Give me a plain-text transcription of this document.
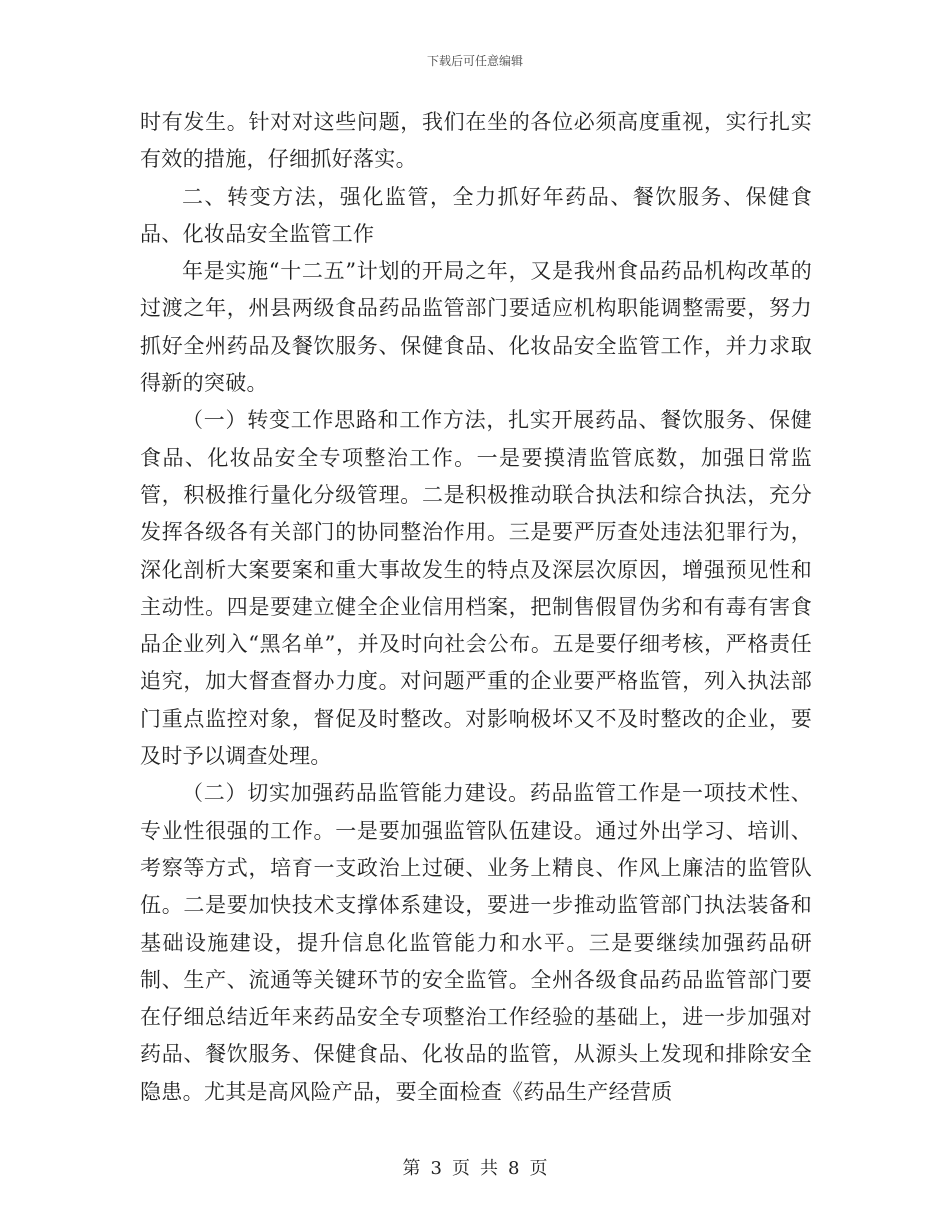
下载后可任意编辑

时有发生。针对对这些问题，我们在坐的各位必须高度重视，实行扎实有效的措施，仔细抓好落实。

二、转变方法，强化监管，全力抓好年药品、餐饮服务、保健食品、化妆品安全监管工作

年是实施“十二五”计划的开局之年，又是我州食品药品机构改革的过渡之年，州县两级食品药品监管部门要适应机构职能调整需要，努力抓好全州药品及餐饮服务、保健食品、化妆品安全监管工作，并力求取得新的突破。

（一）转变工作思路和工作方法，扎实开展药品、餐饮服务、保健食品、化妆品安全专项整治工作。一是要摸清监管底数，加强日常监管，积极推行量化分级管理。二是积极推动联合执法和综合执法，充分发挥各级各有关部门的协同整治作用。三是要严厉查处违法犯罪行为，深化剖析大案要案和重大事故发生的特点及深层次原因，增强预见性和主动性。四是要建立健全企业信用档案，把制售假冒伪劣和有毒有害食品企业列入“黑名单”，并及时向社会公布。五是要仔细考核，严格责任追究，加大督查督办力度。对问题严重的企业要严格监管，列入执法部门重点监控对象，督促及时整改。对影响极坏又不及时整改的企业，要及时予以调查处理。

（二）切实加强药品监管能力建设。药品监管工作是一项技术性、专业性很强的工作。一是要加强监管队伍建设。通过外出学习、培训、考察等方式，培育一支政治上过硬、业务上精良、作风上廉洁的监管队伍。二是要加快技术支撑体系建设，要进一步推动监管部门执法装备和基础设施建设，提升信息化监管能力和水平。三是要继续加强药品研制、生产、流通等关键环节的安全监管。全州各级食品药品监管部门要在仔细总结近年来药品安全专项整治工作经验的基础上，进一步加强对药品、餐饮服务、保健食品、化妆品的监管，从源头上发现和排除安全隐患。尤其是高风险产品，要全面检查《药品生产经营质

第 3 页 共 8 页
